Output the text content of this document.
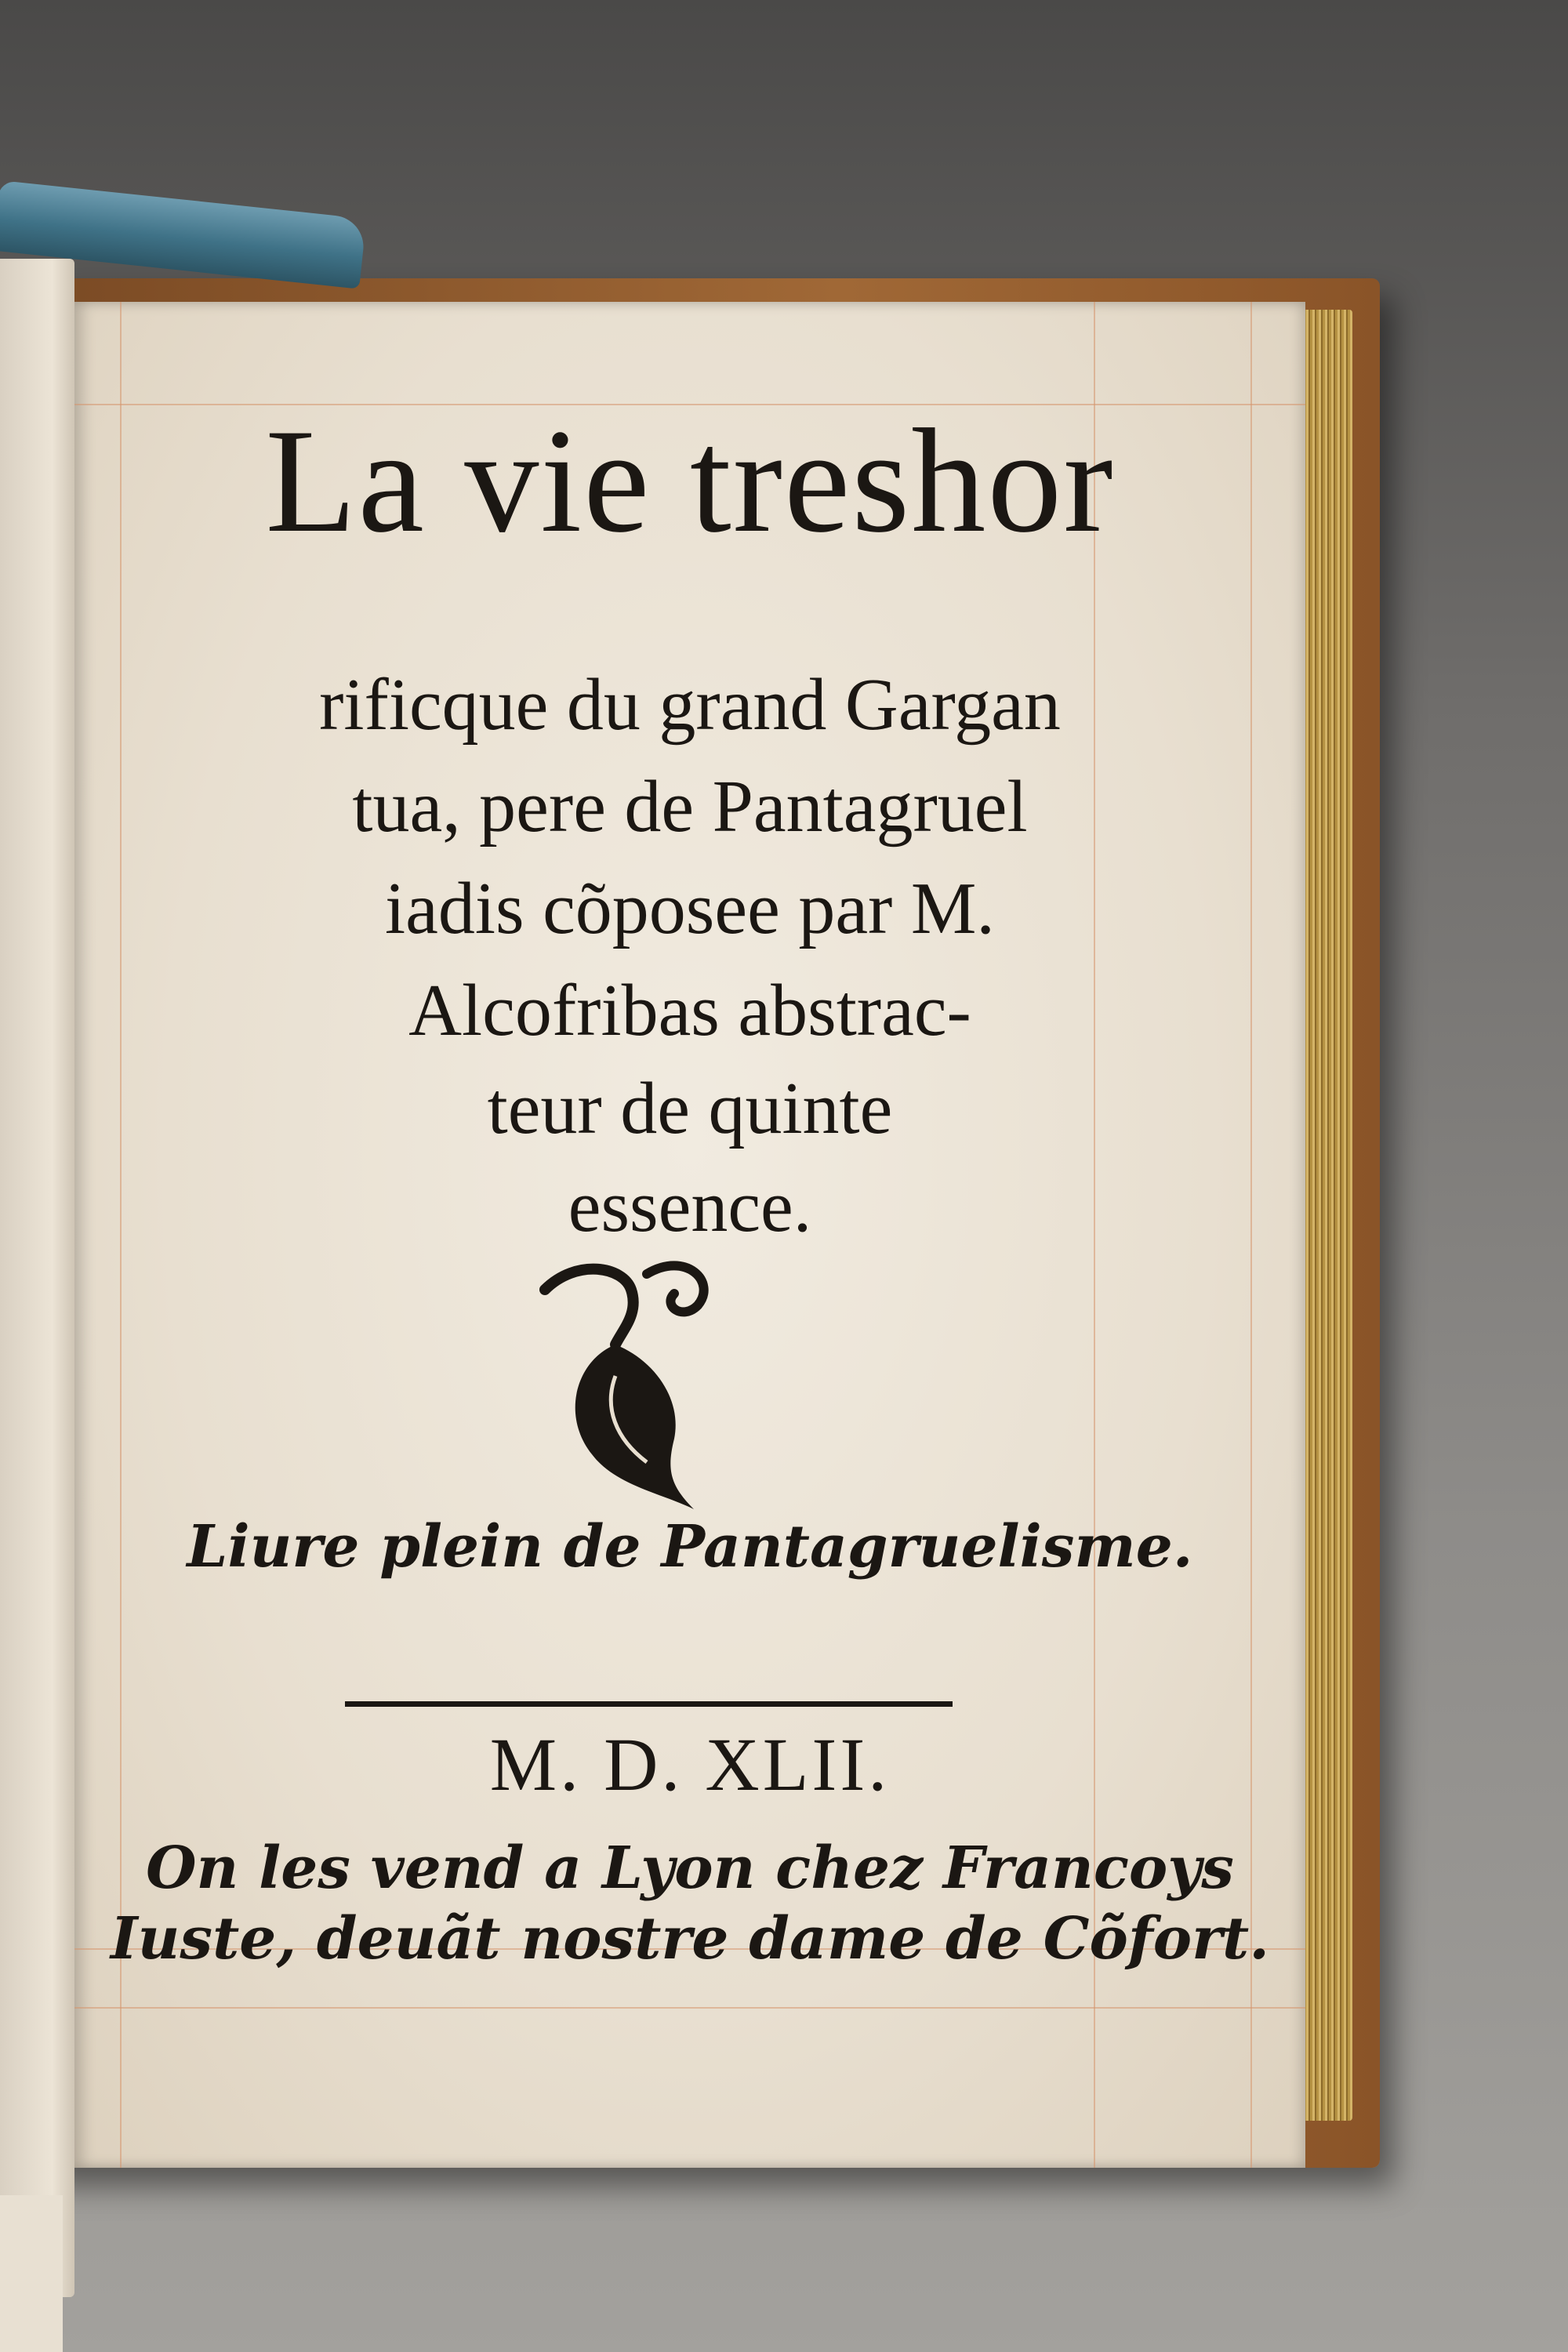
La vie treshor
rificque du grand Gargan
tua, pere de Pantagruel
iadis cõposee par M.
Alcofribas abstrac-
teur de quinte
essence.
Liure plein de Pantagruelisme.
M. D. XLII.
On les vend a Lyon chez Francoys
Iuste, deuãt nostre dame de Cõfort.
